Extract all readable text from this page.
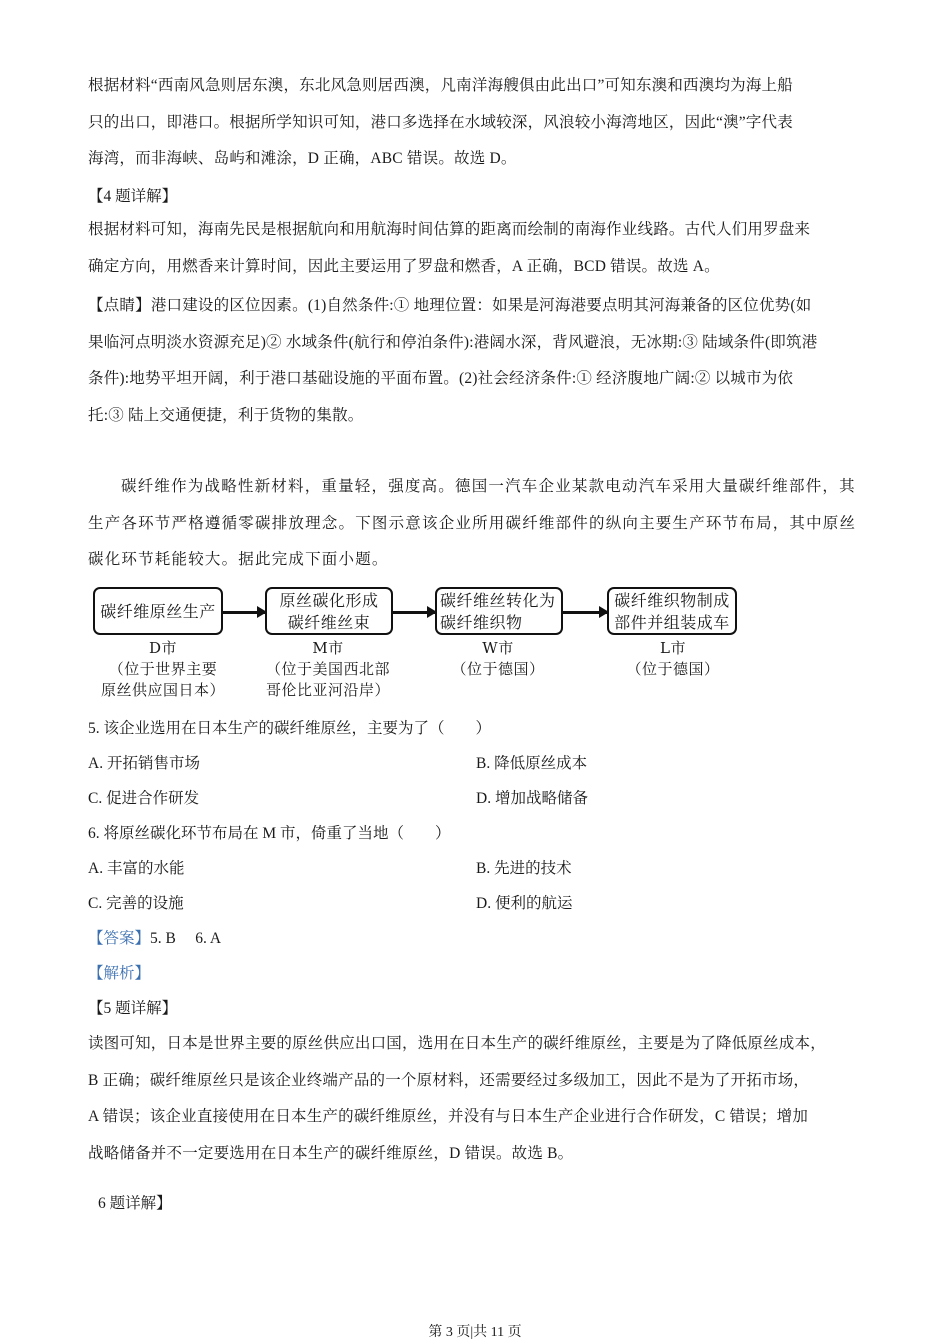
根据材料“西南风急则居东澳，东北风急则居西澳，凡南洋海艘俱由此出口”可知东澳和西澳均为海上船
只的出口，即港口。根据所学知识可知，港口多选择在水域较深，风浪较小海湾地区，因此“澳”字代表
海湾，而非海峡、岛屿和滩涂，D 正确，ABC 错误。故选 D。
【4 题详解】
根据材料可知，海南先民是根据航向和用航海时间估算的距离而绘制的南海作业线路。古代人们用罗盘来
确定方向，用燃香来计算时间，因此主要运用了罗盘和燃香，A 正确，BCD 错误。故选 A。
【点睛】港口建设的区位因素。(1)自然条件:① 地理位置：如果是河海港要点明其河海兼备的区位优势(如
果临河点明淡水资源充足)② 水域条件(航行和停泊条件):港阔水深，背风避浪，无冰期:③ 陆域条件(即筑港
条件):地势平坦开阔，利于港口基础设施的平面布置。(2)社会经济条件:① 经济腹地广阔:② 以城市为依
托:③ 陆上交通便捷，利于货物的集散。
碳纤维作为战略性新材料，重量轻，强度高。德国一汽车企业某款电动汽车采用大量碳纤维部件，其生产各环节严格遵循零碳排放理念。下图示意该企业所用碳纤维部件的纵向主要生产环节布局，其中原丝碳化环节耗能较大。据此完成下面小题。
碳纤维原丝生产
原丝碳化形成
碳纤维丝束
碳纤维丝转化为
碳纤维织物
碳纤维织物制成
部件并组装成车
D市
（位于世界主要
原丝供应国日本）
M市
（位于美国西北部
哥伦比亚河沿岸）
W市
（位于德国）
L市
（位于德国）
5. 该企业选用在日本生产的碳纤维原丝，主要为了（　　）
A. 开拓销售市场	B. 降低原丝成本
C. 促进合作研发	D. 增加战略储备
6. 将原丝碳化环节布局在 M 市，倚重了当地（　　）
A. 丰富的水能	B. 先进的技术
C. 完善的设施	D. 便利的航运
【答案】5. B　 6. A
【解析】
【5 题详解】
读图可知，日本是世界主要的原丝供应出口国，选用在日本生产的碳纤维原丝，主要是为了降低原丝成本，
B 正确；碳纤维原丝只是该企业终端产品的一个原材料，还需要经过多级加工，因此不是为了开拓市场，
A 错误；该企业直接使用在日本生产的碳纤维原丝，并没有与日本生产企业进行合作研发，C 错误；增加
战略储备并不一定要选用在日本生产的碳纤维原丝，D 错误。故选 B。
6 题详解】
第 3 页|共 11 页
